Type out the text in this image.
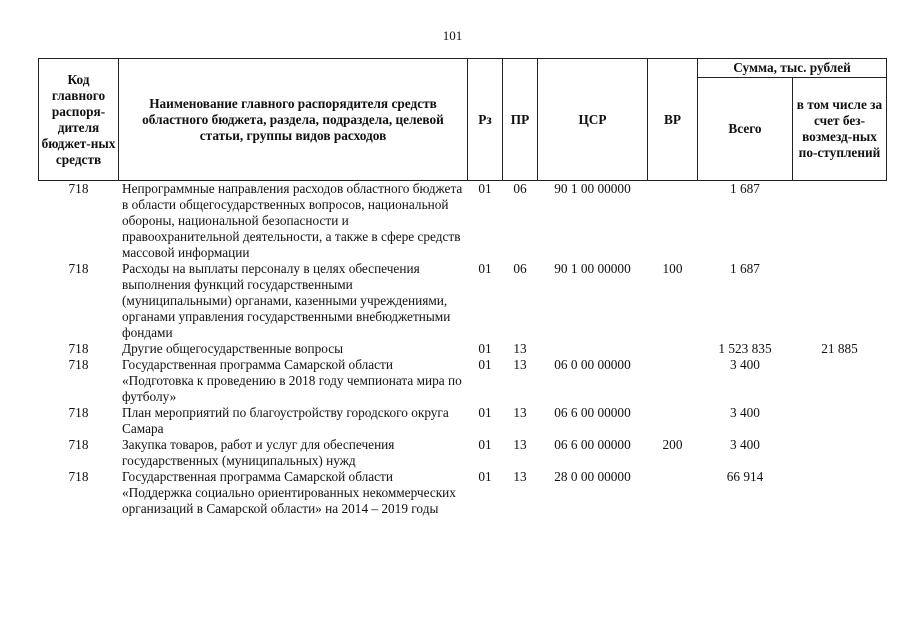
101
Код главного распоря-дителя бюджет-ных средств	Наименование главного распорядителя средств областного бюджета, раздела, подраздела, целевой статьи, группы видов расходов	Рз	ПР	ЦСР	ВР	Сумма, тыс. рублей	
						Всего	в том числе за счет без-возмезд-ных по-ступлений
718	Непрограммные направления расходов областного бюджета в области общегосударственных вопросов, национальной обороны, национальной безопасности и правоохранительной деятельности, а также в сфере средств массовой информации	01	06	90 1 00 00000		1 687	
718	Расходы на выплаты персоналу в целях обеспечения выполнения функций государственными (муниципальными) органами, казенными учреждениями, органами управления государственными внебюджетными фондами	01	06	90 1 00 00000	100	1 687	
718	Другие общегосударственные вопросы	01	13			1 523 835	21 885
718	Государственная программа Самарской области «Подготовка к проведению в 2018 году чемпионата мира по футболу»	01	13	06 0 00 00000		3 400	
718	План мероприятий по благоустройству городского округа Самара	01	13	06 6 00 00000		3 400	
718	Закупка товаров, работ и услуг для обеспечения государственных (муниципальных) нужд	01	13	06 6 00 00000	200	3 400	
718	Государственная программа Самарской области «Поддержка социально ориентированных некоммерческих организаций в Самарской области» на 2014 – 2019 годы	01	13	28 0 00 00000		66 914	
